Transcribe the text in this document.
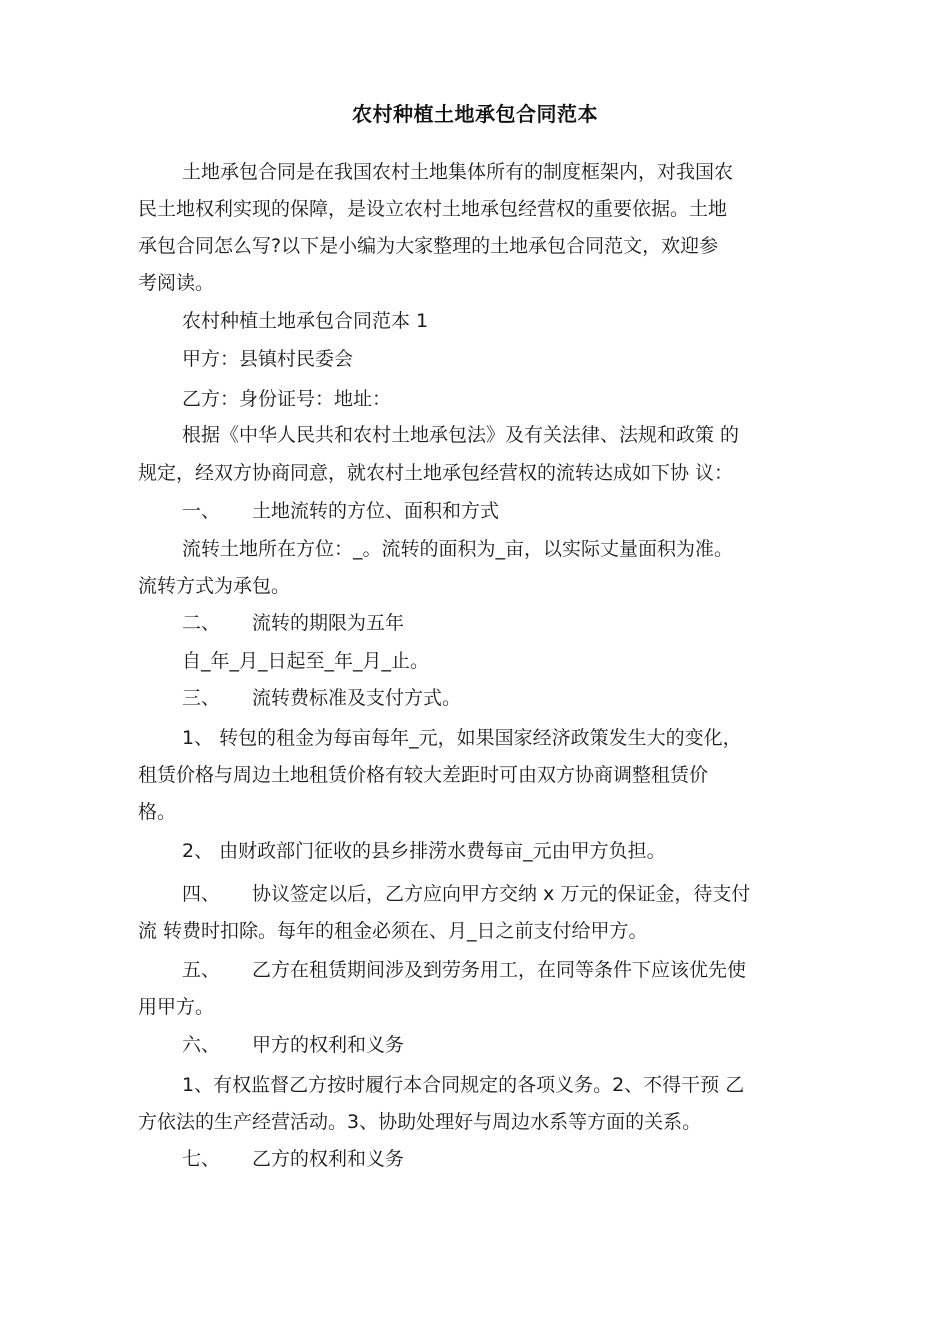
农村种植土地承包合同范本
土地承包合同是在我国农村土地集体所有的制度框架内，对我国农
民土地权利实现的保障，是设立农村土地承包经营权的重要依据。土地
承包合同怎么写?以下是小编为大家整理的土地承包合同范文，欢迎参
考阅读。
农村种植土地承包合同范本 1
甲方：县镇村民委会
乙方：身份证号：地址：
根据《中华人民共和农村土地承包法》及有关法律、法规和政策 的
规定，经双方协商同意，就农村土地承包经营权的流转达成如下协 议：
一、 土地流转的方位、面积和方式
流转土地所在方位：_。流转的面积为_亩，以实际丈量面积为准。
流转方式为承包。
二、 流转的期限为五年
自_年_月_日起至_年_月_止。
三、 流转费标准及支付方式。
1、 转包的租金为每亩每年_元，如果国家经济政策发生大的变化，
租赁价格与周边土地租赁价格有较大差距时可由双方协商调整租赁价
格。
2、 由财政部门征收的县乡排涝水费每亩_元由甲方负担。
四、 协议签定以后，乙方应向甲方交纳 x 万元的保证金，待支付
流 转费时扣除。每年的租金必须在、月_日之前支付给甲方。
五、 乙方在租赁期间涉及到劳务用工，在同等条件下应该优先使
用甲方。
六、 甲方的权利和义务
1、有权监督乙方按时履行本合同规定的各项义务。2、不得干预 乙
方依法的生产经营活动。3、协助处理好与周边水系等方面的关系。
七、 乙方的权利和义务
